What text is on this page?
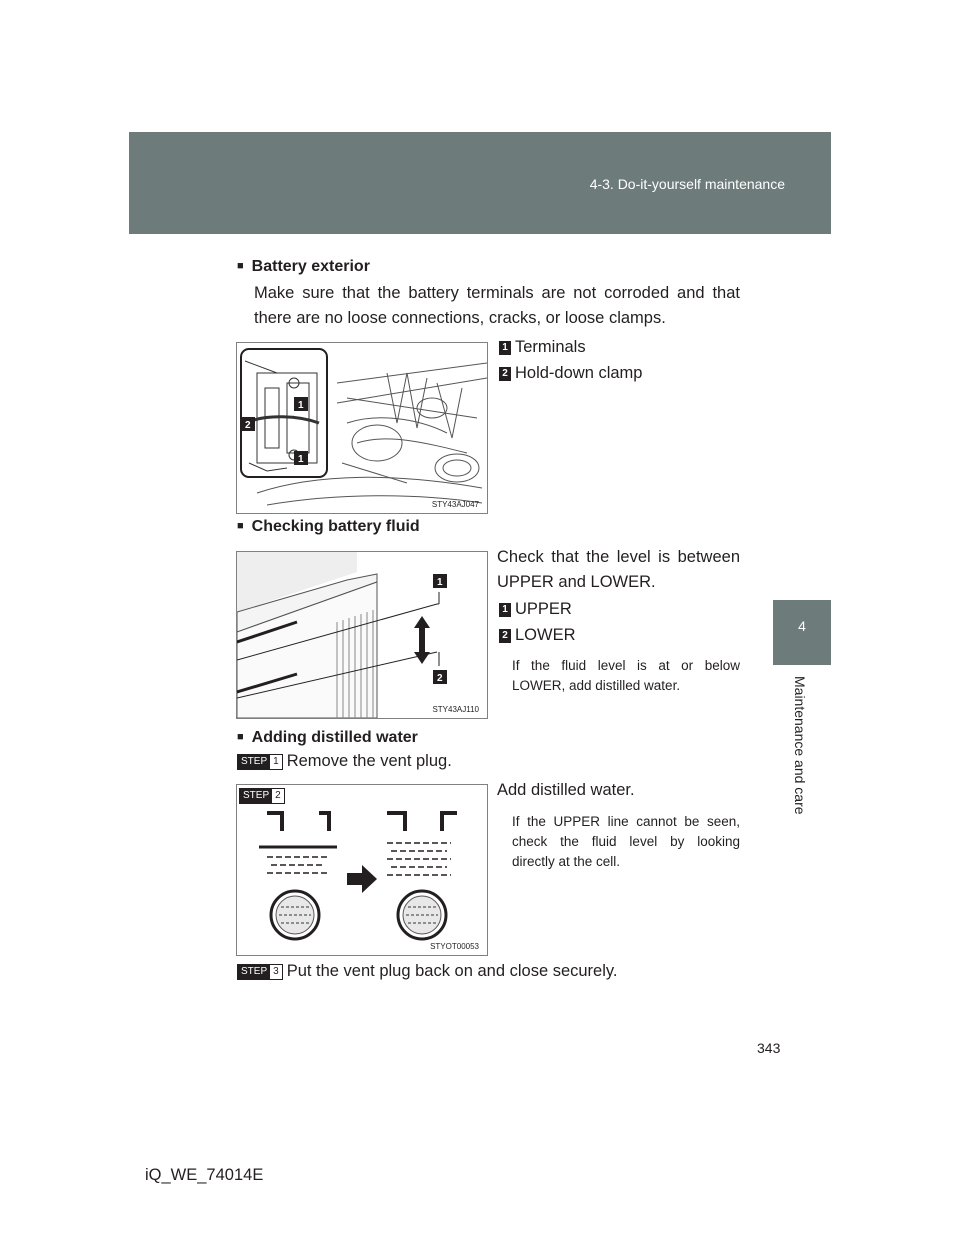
4-3. Do-it-yourself maintenance
4
Maintenance and care
■ Battery exterior
Make sure that the battery terminals are not corroded and that there are no loose connections, cracks, or loose clamps.
1
2
1
STY43AJ047
1 Terminals
2 Hold-down clamp
■ Checking battery fluid
Check that the level is between UPPER and LOWER.
1
2
STY43AJ110
1 UPPER
2 LOWER
If the fluid level is at or below LOWER, add distilled water.
■ Adding distilled water
STEP 1 Remove the vent plug.
STEP 2
STYOT00053
Add distilled water.
If the UPPER line cannot be seen, check the fluid level by looking directly at the cell.
STEP 3 Put the vent plug back on and close securely.
343
iQ_WE_74014E
